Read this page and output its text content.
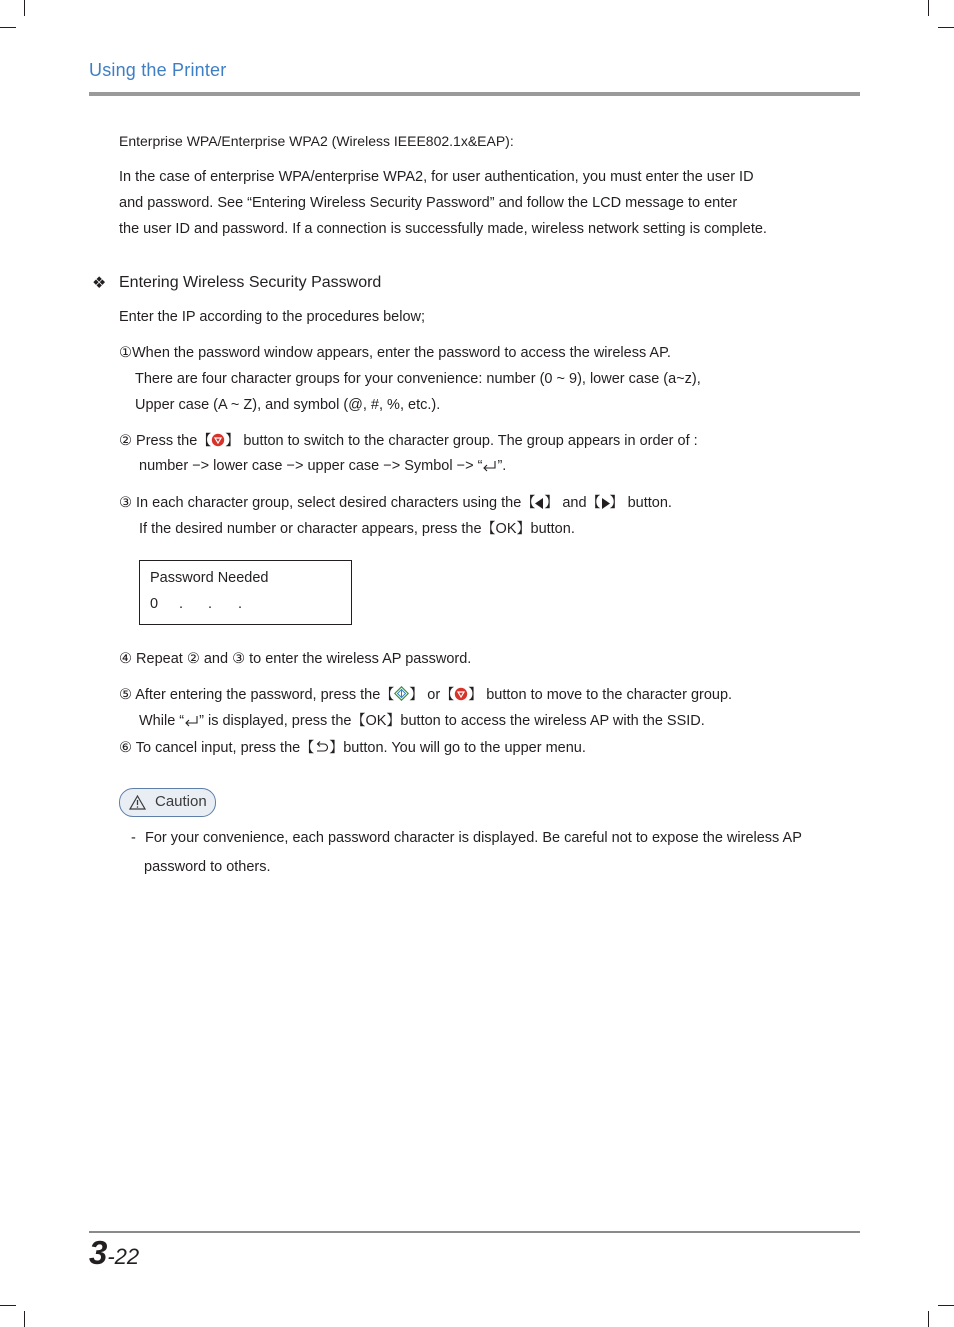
Using the Printer
Enterprise WPA/Enterprise WPA2 (Wireless IEEE802.1x&EAP):
In the case of enterprise WPA/enterprise WPA2, for user authentication, you must enter the user ID
and password. See “Entering Wireless Security Password” and follow the LCD message to enter
the user ID and password. If a connection is successfully made, wireless network setting is complete.
❖ Entering Wireless Security Password
Enter the IP according to the procedures below;
①When the password window appears, enter the password to access the wireless AP.
There are four character groups for your convenience: number (0 ~ 9), lower case (a~z),
Upper case (A ~ Z), and symbol (@, #, %, etc.).
② Press the【 】 button to switch to the character group. The group appears in order of :
number −> lower case −> upper case −> Symbol −> “ ”.
③ In each character group, select desired characters using the【 】 and【 】 button.
If the desired number or character appears, press the【OK】button.
Password Needed
0 . . .
④ Repeat ② and ③ to enter the wireless AP password.
⑤ After entering the password, press the【 】 or【 】 button to move to the character group.
While “ ” is displayed, press the【OK】button to access the wireless AP with the SSID.
⑥ To cancel input, press the【 】button. You will go to the upper menu.
Caution
- For your convenience, each password character is displayed. Be careful not to expose the wireless AP
password to others.
3-22
